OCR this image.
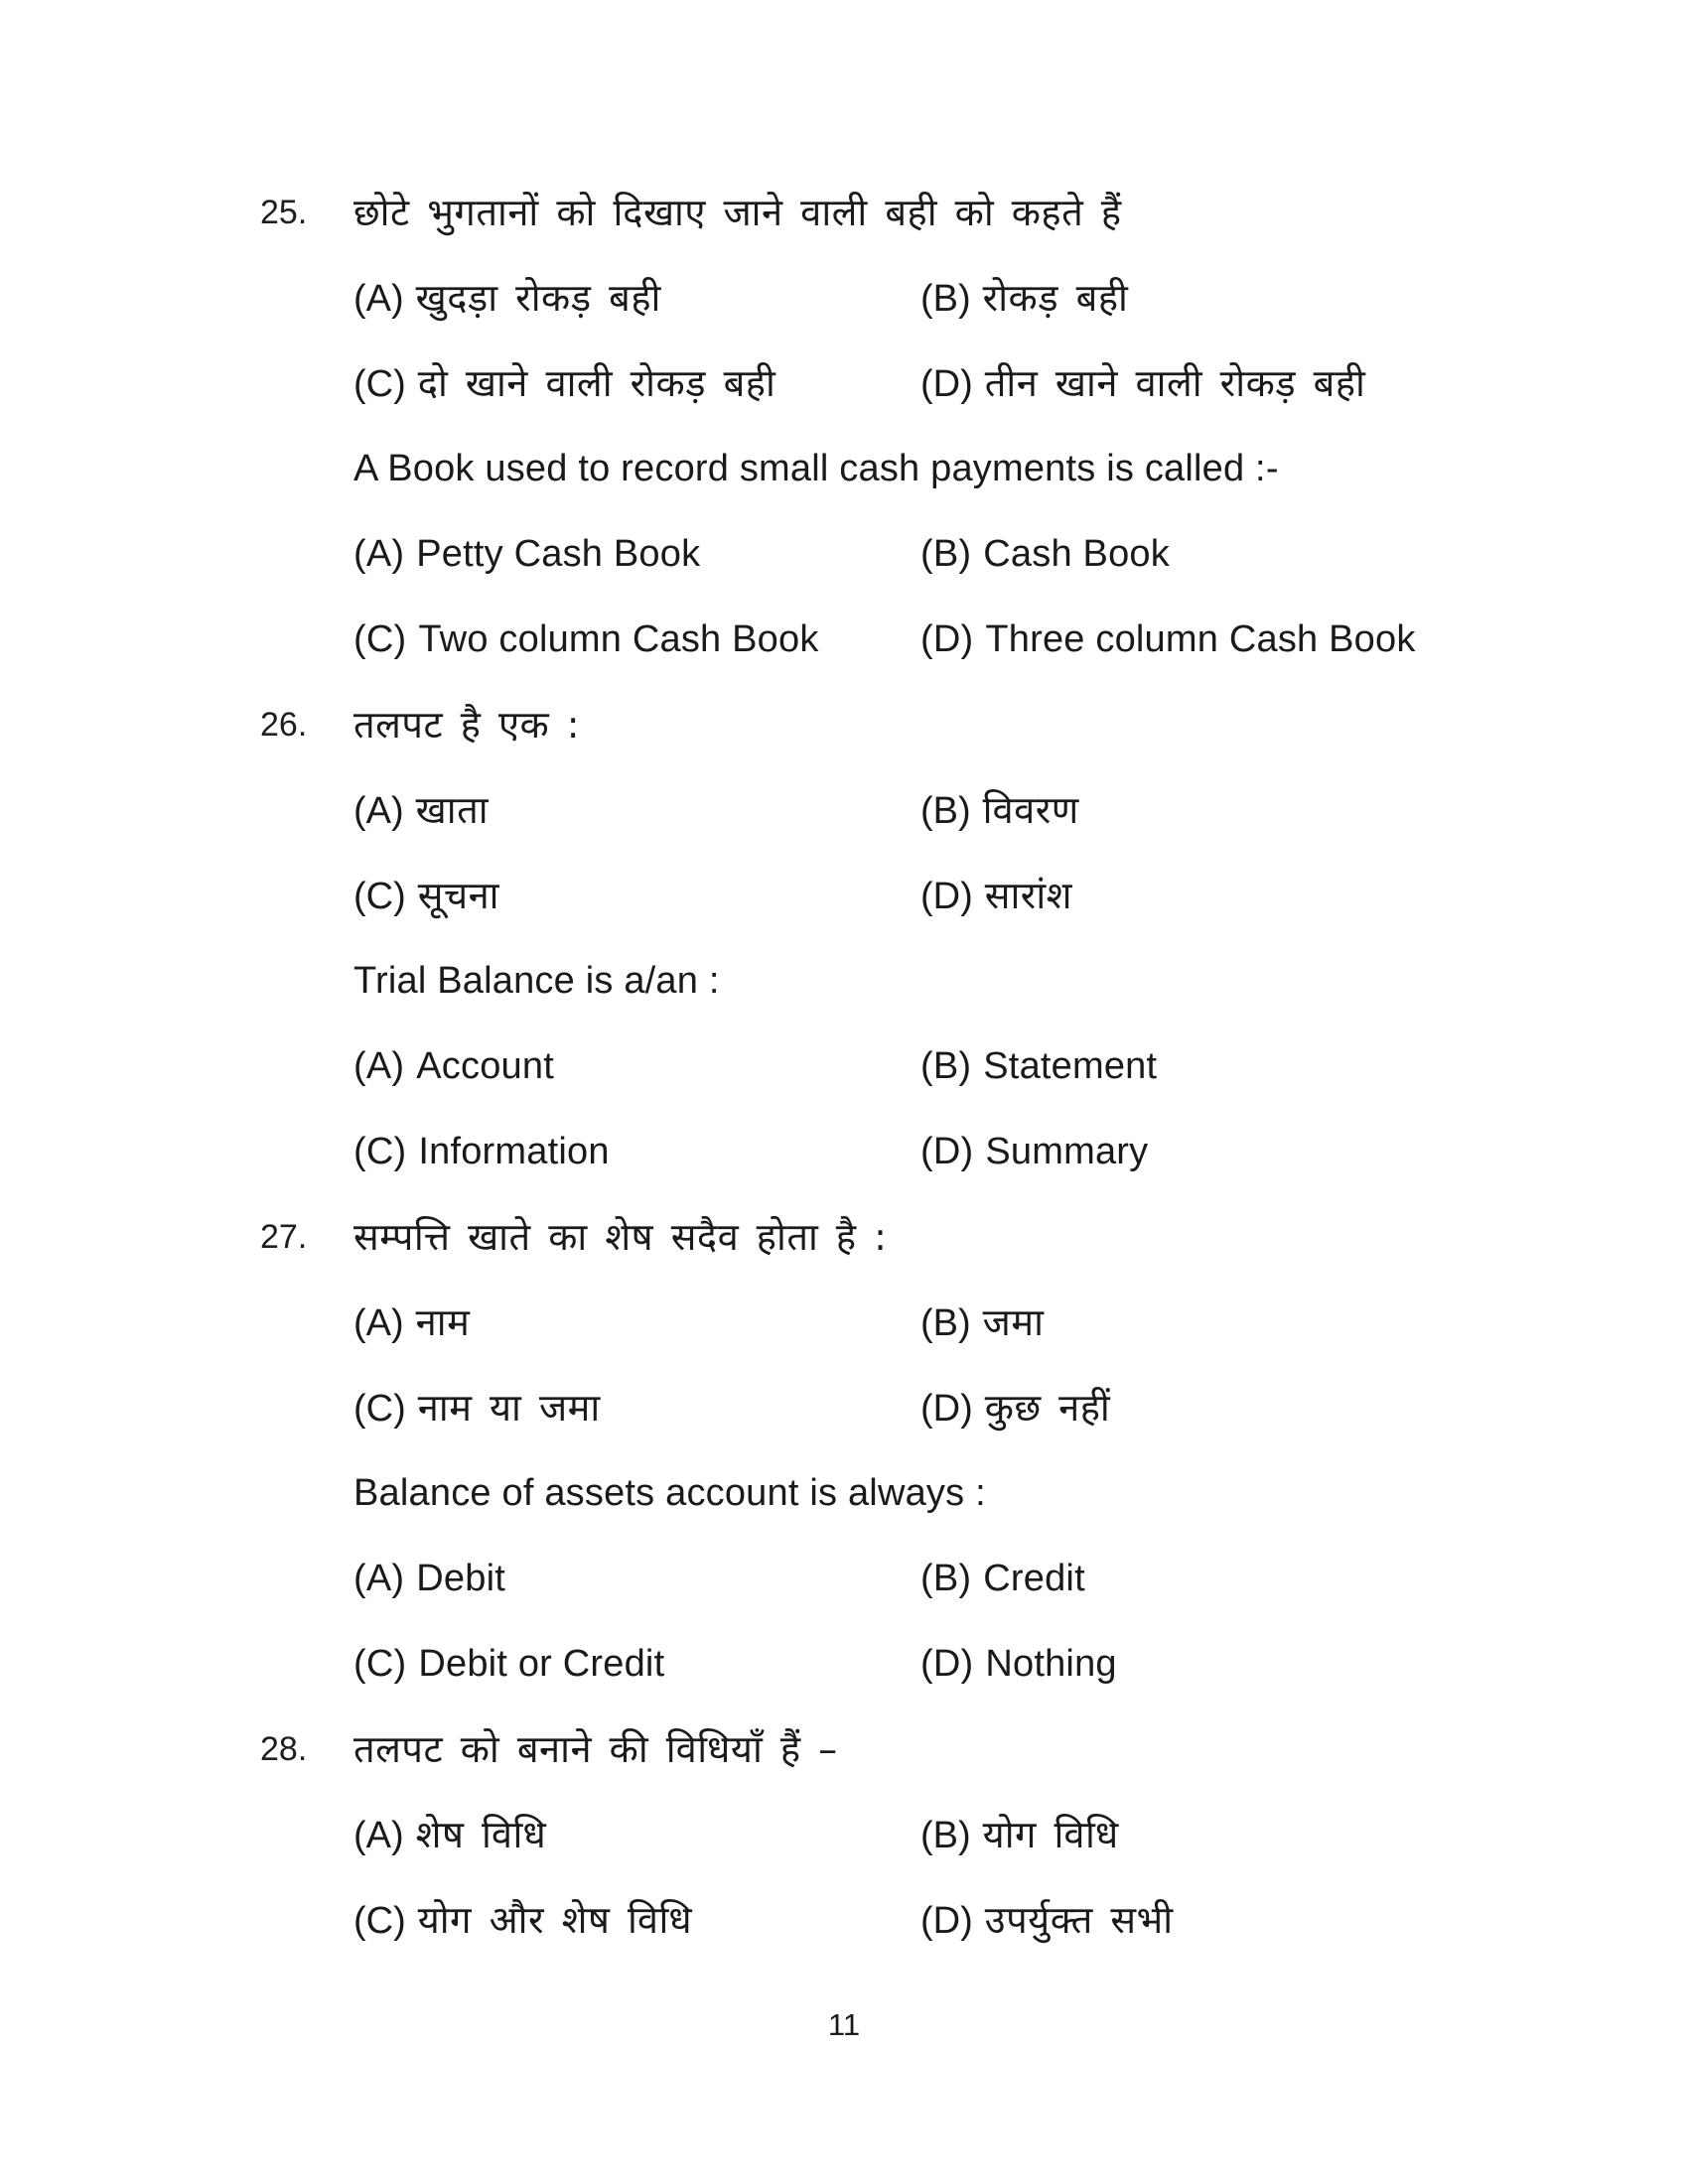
25.	छोटे भुगतानों को दिखाए जाने वाली बही को कहते हैं
(A) खुदड़ा रोकड़ बही	(B) रोकड़ बही
(C) दो खाने वाली रोकड़ बही	(D) तीन खाने वाली रोकड़ बही
A Book used to record small cash payments is called :-
(A) Petty Cash Book	(B) Cash Book
(C) Two column Cash Book	(D) Three column Cash Book
26.	तलपट है एक :
(A) खाता	(B) विवरण
(C) सूचना	(D) सारांश
Trial Balance is a/an :
(A) Account	(B) Statement
(C) Information	(D) Summary
27.	सम्पत्ति खाते का शेष सदैव होता है :
(A) नाम	(B) जमा
(C) नाम या जमा	(D) कुछ नहीं
Balance of assets account is always :
(A) Debit	(B) Credit
(C) Debit or Credit	(D) Nothing
28.	तलपट को बनाने की विधियाँ हैं –
(A) शेष विधि	(B) योग विधि
(C) योग और शेष विधि	(D) उपर्युक्त सभी
11
